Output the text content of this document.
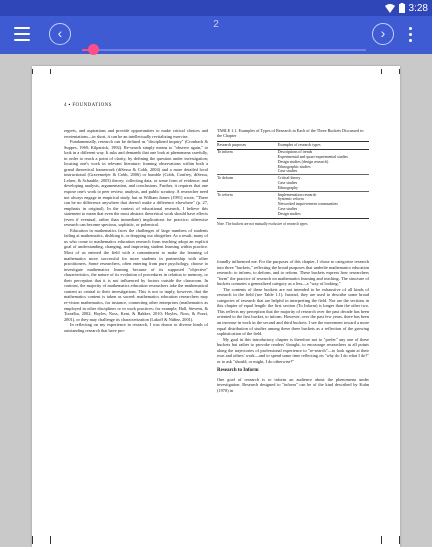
3:28
‹
2
›
4 ▪ FOUNDATIONS

regrets, and aspirations and provide opportunities to make critical choices and reorientations—in short, it can be an intellectually revitalizing exercise.

Fundamentally, research can be defined as "disciplined inquiry" (Cronbach & Suppes, 1969; Kilpatrick, 1992). Re-search simply means to "observe again," to look in a different way. It asks and demands that one look at phenomena carefully, in order to reach a point of clarity, by defining the question under investigation; locating one's work in relevant literature; framing observations within both a grand theoretical framework (diSessa & Cobb, 2004) and a more detailed local instructional (Gravemeijer & Cobb, 2006) or humble (Cobb, Confrey, diSessa, Lehrer, & Schauble, 2003) theory; collecting data, or some form of evidence; and developing analysis, argumentation, and conclusions. Further, it requires that one expose one's work to peer review, analysis, and public scrutiny. A researcher need not always engage in empirical study, but as William James (1991) wrote, "There can be no difference anywhere that doesn't make a difference elsewhere" (p. 27, emphasis in original). In the context of educational research, I believe this statement to mean that even the most abstract theoretical work should have effects (even if eventual, rather than immediate) implications for practice; otherwise research can become specious, sophistic, or polemical.

Education in mathematics faces the challenges of large numbers of students failing at mathematics, disliking it, or dropping out altogether. As a result, many of us who come to mathematics education research from teaching adopt an explicit goal of understanding, changing, and improving student learning within practice. Most of us entered the field with a commitment to make the learning of mathematics more successful for more students in partnership with other practitioners. Some researchers, often entering from pure psychology, choose to investigate mathematics learning because of its supposed "objective" characteristics, the nature of its evolution of procedures in relation to memory, or their perception that it is not influenced by factors outside the classroom. In contrast, the majority of mathematics education researchers take the mathematical content as central to their investigations. This is not to imply, however, that the mathematics content is taken as sacred: mathematics education researchers may re-vision mathematics, for instance, connecting other enterprises (mathematics as employed in other disciplines or in work practices; for example, Hall, Stevens, & Torralba, 2002; Hoyles, Noss, Kent, & Bakker, 2010; Hoyles, Noss, & Pozzi, 2001), or they may challenge its characterization (Lakoff & Núñez, 2001).

In reflecting on my experience in research, I was drawn to diverse kinds of outstanding research that have pro-

TABLE 1.1. Examples of Types of Research in Each of the Three Buckets Discussed in the Chapter

Research purposes	Examples of research types
To inform	Descriptions of trends
	Experimental and quasi-experimental studies
	Design studies (design research)
	Ethnographic studies
	Case studies
To deform	Critical theory
	Case studies
	Ethnography
To reform	Implementation research
	Systemic reform
	Networked improvement communities
	Case studies
	Design studies
Note. The buckets are not mutually exclusive of research types.

foundly influenced me. For the purposes of this chapter, I chose to categorize research into three "buckets," reflecting the broad purposes that underlie mathematics education research: to inform, to deform, and to reform. These buckets express how researchers "form" the practice of research on mathematics learning and teaching. The structure of buckets connotes a generalized category as a less—a "way of looking."

The contents of these buckets are not intended to be exhaustive of all kinds of research in the field (see Table 1.1). Instead, they are used to describe some broad categories of research that are helpful in interpreting the field. Nor are the sections in this chapter of equal length: the first section (To Inform) is longer than the other two. This reflects my perception that the majority of research over the past decade has been oriented to the first bucket, to inform. However, over the past few years, there has been an increase in work in the second and third buckets. I see the movement toward a more equal distribution of studies among these three buckets as a reflection of the growing sophistication of the field.

My goal in this introductory chapter is therefore not to "prefer" any one of these buckets but rather to provoke readers' thought, to encourage researchers at all points along the trajectories of professional experience to "re-search"—to look again at their own and others' work—and to spend some time reflecting on "why do I do what I do?" or to ask "should, or might, I do otherwise?"

Research to Inform

One goal of research is to inform an audience about the phenomena under investigation. Research designed to "inform" can be of the kind described by Kuhn (1970) in
